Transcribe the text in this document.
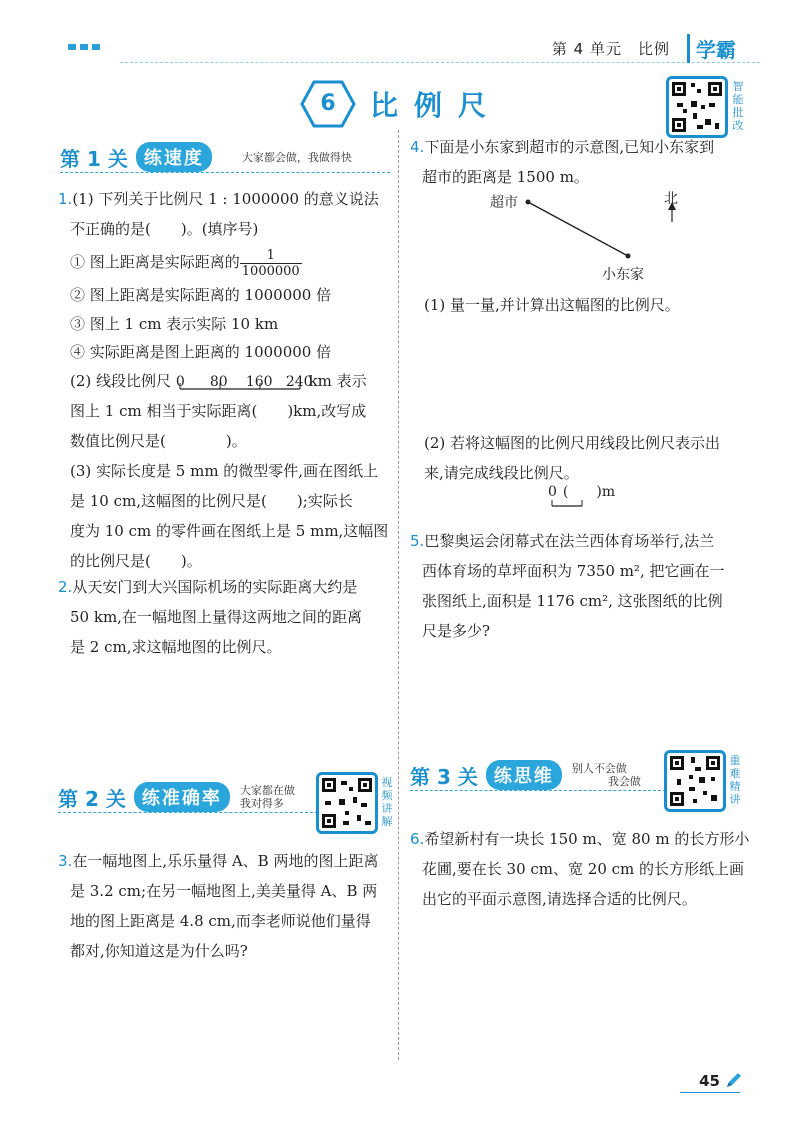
第 4 单元　比例	学霸
6	比例尺
智能批改
第 1 关 练速度	大家都会做，我做得快

1.(1) 下列关于比例尺 1 : 1000000 的意义说法

不正确的是(　　)。(填序号)

① 图上距离是实际距离的 $\frac{1}{1000000}$

② 图上距离是实际距离的 1000000 倍

③ 图上 1 cm 表示实际 10 km

④ 实际距离是图上距离的 1000000 倍

(2) 线段比例尺 0 80 160 240
km 表示

图上 1 cm 相当于实际距离(　　)km,改写成

数值比例尺是(　　　　)。

(3) 实际长度是 5 mm 的微型零件,画在图纸上

是 10 cm,这幅图的比例尺是(　　);实际长

度为 10 cm 的零件画在图纸上是 5 mm,这幅图

的比例尺是(　　)。

2.从天安门到大兴国际机场的实际距离大约是

50 km,在一幅地图上量得这两地之间的距离

是 2 cm,求这幅地图的比例尺。

第 2 关 练准确率	大家都在做
我对得多
视频讲解

3.在一幅地图上,乐乐量得 A、B 两地的图上距离

是 3.2 cm;在另一幅地图上,美美量得 A、B 两

地的图上距离是 4.8 cm,而李老师说他们量得

都对,你知道这是为什么吗?

4.下面是小东家到超市的示意图,已知小东家到

超市的距离是 1500 m。

超市	北
小东家

(1) 量一量,并计算出这幅图的比例尺。

(2) 若将这幅图的比例尺用线段比例尺表示出

来,请完成线段比例尺。

0 (　　)m

5.巴黎奥运会闭幕式在法兰西体育场举行,法兰

西体育场的草坪面积为 7350 m², 把它画在一

张图纸上,面积是 1176 cm², 这张图纸的比例

尺是多少?

第 3 关 练思维	别人不会做
我会做
重难精讲

6.希望新村有一块长 150 m、宽 80 m 的长方形小

花圃,要在长 30 cm、宽 20 cm 的长方形纸上画

出它的平面示意图,请选择合适的比例尺。

45
